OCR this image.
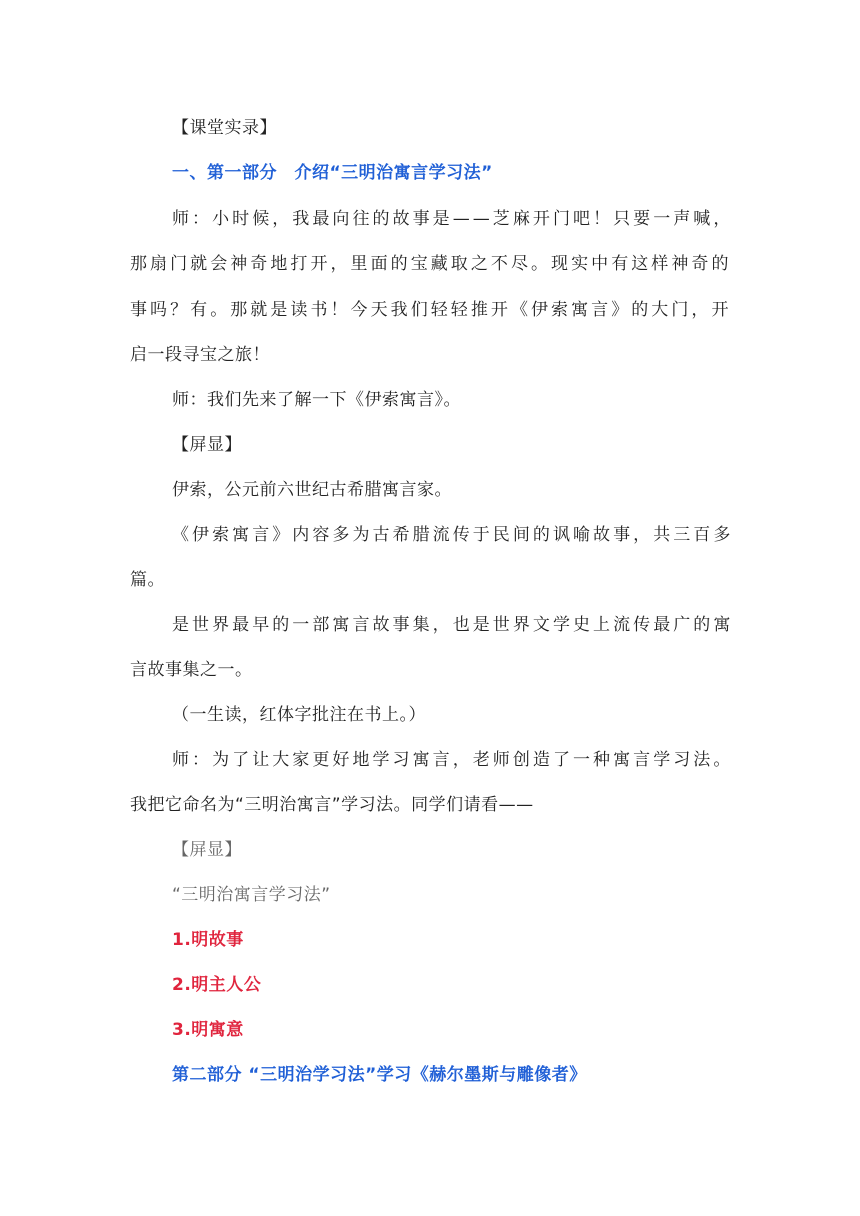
【课堂实录】
一、第一部分　介绍“三明治寓言学习法”
师：小时候，我最向往的故事是——芝麻开门吧！只要一声喊，
那扇门就会神奇地打开，里面的宝藏取之不尽。现实中有这样神奇的
事吗？有。那就是读书！今天我们轻轻推开《伊索寓言》的大门，开
启一段寻宝之旅！
师：我们先来了解一下《伊索寓言》。
【屏显】
伊索，公元前六世纪古希腊寓言家。
《伊索寓言》内容多为古希腊流传于民间的讽喻故事，共三百多
篇。
是世界最早的一部寓言故事集，也是世界文学史上流传最广的寓
言故事集之一。
（一生读，红体字批注在书上。）
师：为了让大家更好地学习寓言，老师创造了一种寓言学习法。
我把它命名为“三明治寓言”学习法。同学们请看——
【屏显】
“三明治寓言学习法”
1.明故事
2.明主人公
3.明寓意
第二部分 “三明治学习法”学习《赫尔墨斯与雕像者》
